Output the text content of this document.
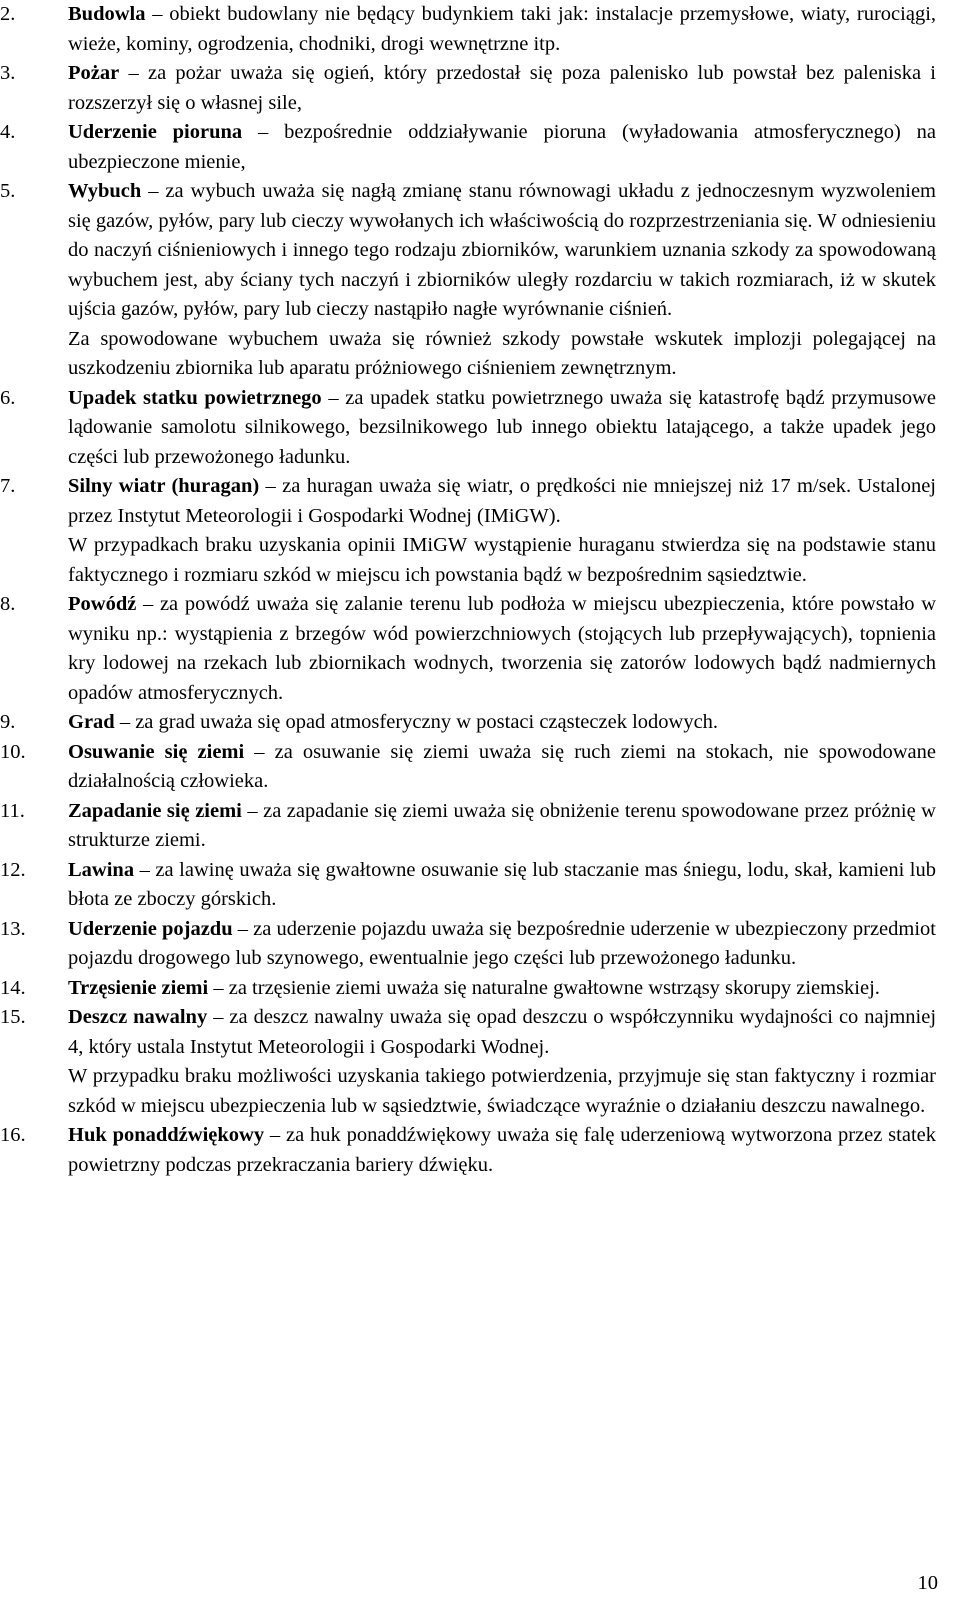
2.	Budowla – obiekt budowlany nie będący budynkiem taki jak: instalacje przemysłowe, wiaty, rurociągi, wieże, kominy, ogrodzenia, chodniki, drogi wewnętrzne itp.
3.	Pożar – za pożar uważa się ogień, który przedostał się poza palenisko lub powstał bez paleniska i rozszerzył się o własnej sile,
4.	Uderzenie pioruna – bezpośrednie oddziaływanie pioruna (wyładowania atmosferycznego) na ubezpieczone mienie,
5.	Wybuch – za wybuch uważa się nagłą zmianę stanu równowagi układu z jednoczesnym wyzwoleniem się gazów, pyłów, pary lub cieczy wywołanych ich właściwością do rozprzestrzeniania się. W odniesieniu do naczyń ciśnieniowych i innego tego rodzaju zbiorników, warunkiem uznania szkody za spowodowaną wybuchem jest, aby ściany tych naczyń i zbiorników uległy rozdarciu w takich rozmiarach, iż w skutek ujścia gazów, pyłów, pary lub cieczy nastąpiło nagłe wyrównanie ciśnień.
Za spowodowane wybuchem uważa się również szkody powstałe wskutek implozji polegającej na uszkodzeniu zbiornika lub aparatu próżniowego ciśnieniem zewnętrznym.
6.	Upadek statku powietrznego – za upadek statku powietrznego uważa się katastrofę bądź przymusowe lądowanie samolotu silnikowego, bezsilnikowego lub innego obiektu latającego, a także upadek jego części lub przewożonego ładunku.
7.	Silny wiatr (huragan) – za huragan uważa się wiatr, o prędkości nie mniejszej niż 17 m/sek. Ustalonej przez Instytut Meteorologii i Gospodarki Wodnej (IMiGW).
W przypadkach braku uzyskania opinii IMiGW wystąpienie huraganu stwierdza się na podstawie stanu faktycznego i rozmiaru szkód w miejscu ich powstania bądź w bezpośrednim sąsiedztwie.
8.	Powódź – za powódź uważa się zalanie terenu lub podłoża w miejscu ubezpieczenia, które powstało w wyniku np.: wystąpienia z brzegów wód powierzchniowych (stojących lub przepływających), topnienia kry lodowej na rzekach lub zbiornikach wodnych, tworzenia się zatorów lodowych bądź nadmiernych opadów atmosferycznych.
9.	Grad – za grad uważa się opad atmosferyczny w postaci cząsteczek lodowych.
10. Osuwanie się ziemi – za osuwanie się ziemi uważa się ruch ziemi na stokach, nie spowodowane działalnością człowieka.
11. Zapadanie się ziemi – za zapadanie się ziemi uważa się obniżenie terenu spowodowane przez próżnię w strukturze ziemi.
12. Lawina – za lawinę uważa się gwałtowne osuwanie się lub staczanie mas śniegu, lodu, skał, kamieni lub błota ze zboczy górskich.
13. Uderzenie pojazdu – za uderzenie pojazdu uważa się bezpośrednie uderzenie w ubezpieczony przedmiot pojazdu drogowego lub szynowego, ewentualnie jego części lub przewożonego ładunku.
14. Trzęsienie ziemi – za trzęsienie ziemi uważa się naturalne gwałtowne wstrząsy skorupy ziemskiej.
15. Deszcz nawalny – za deszcz nawalny uważa się opad deszczu o współczynniku wydajności co najmniej 4, który ustala Instytut Meteorologii i Gospodarki Wodnej.
W przypadku braku możliwości uzyskania takiego potwierdzenia, przyjmuje się stan faktyczny i rozmiar szkód w miejscu ubezpieczenia lub w sąsiedztwie, świadczące wyraźnie o działaniu deszczu nawalnego.
16. Huk ponaddźwiękowy – za huk ponaddźwiękowy uważa się falę uderzeniową wytworzona przez statek powietrzny podczas przekraczania bariery dźwięku.
10
